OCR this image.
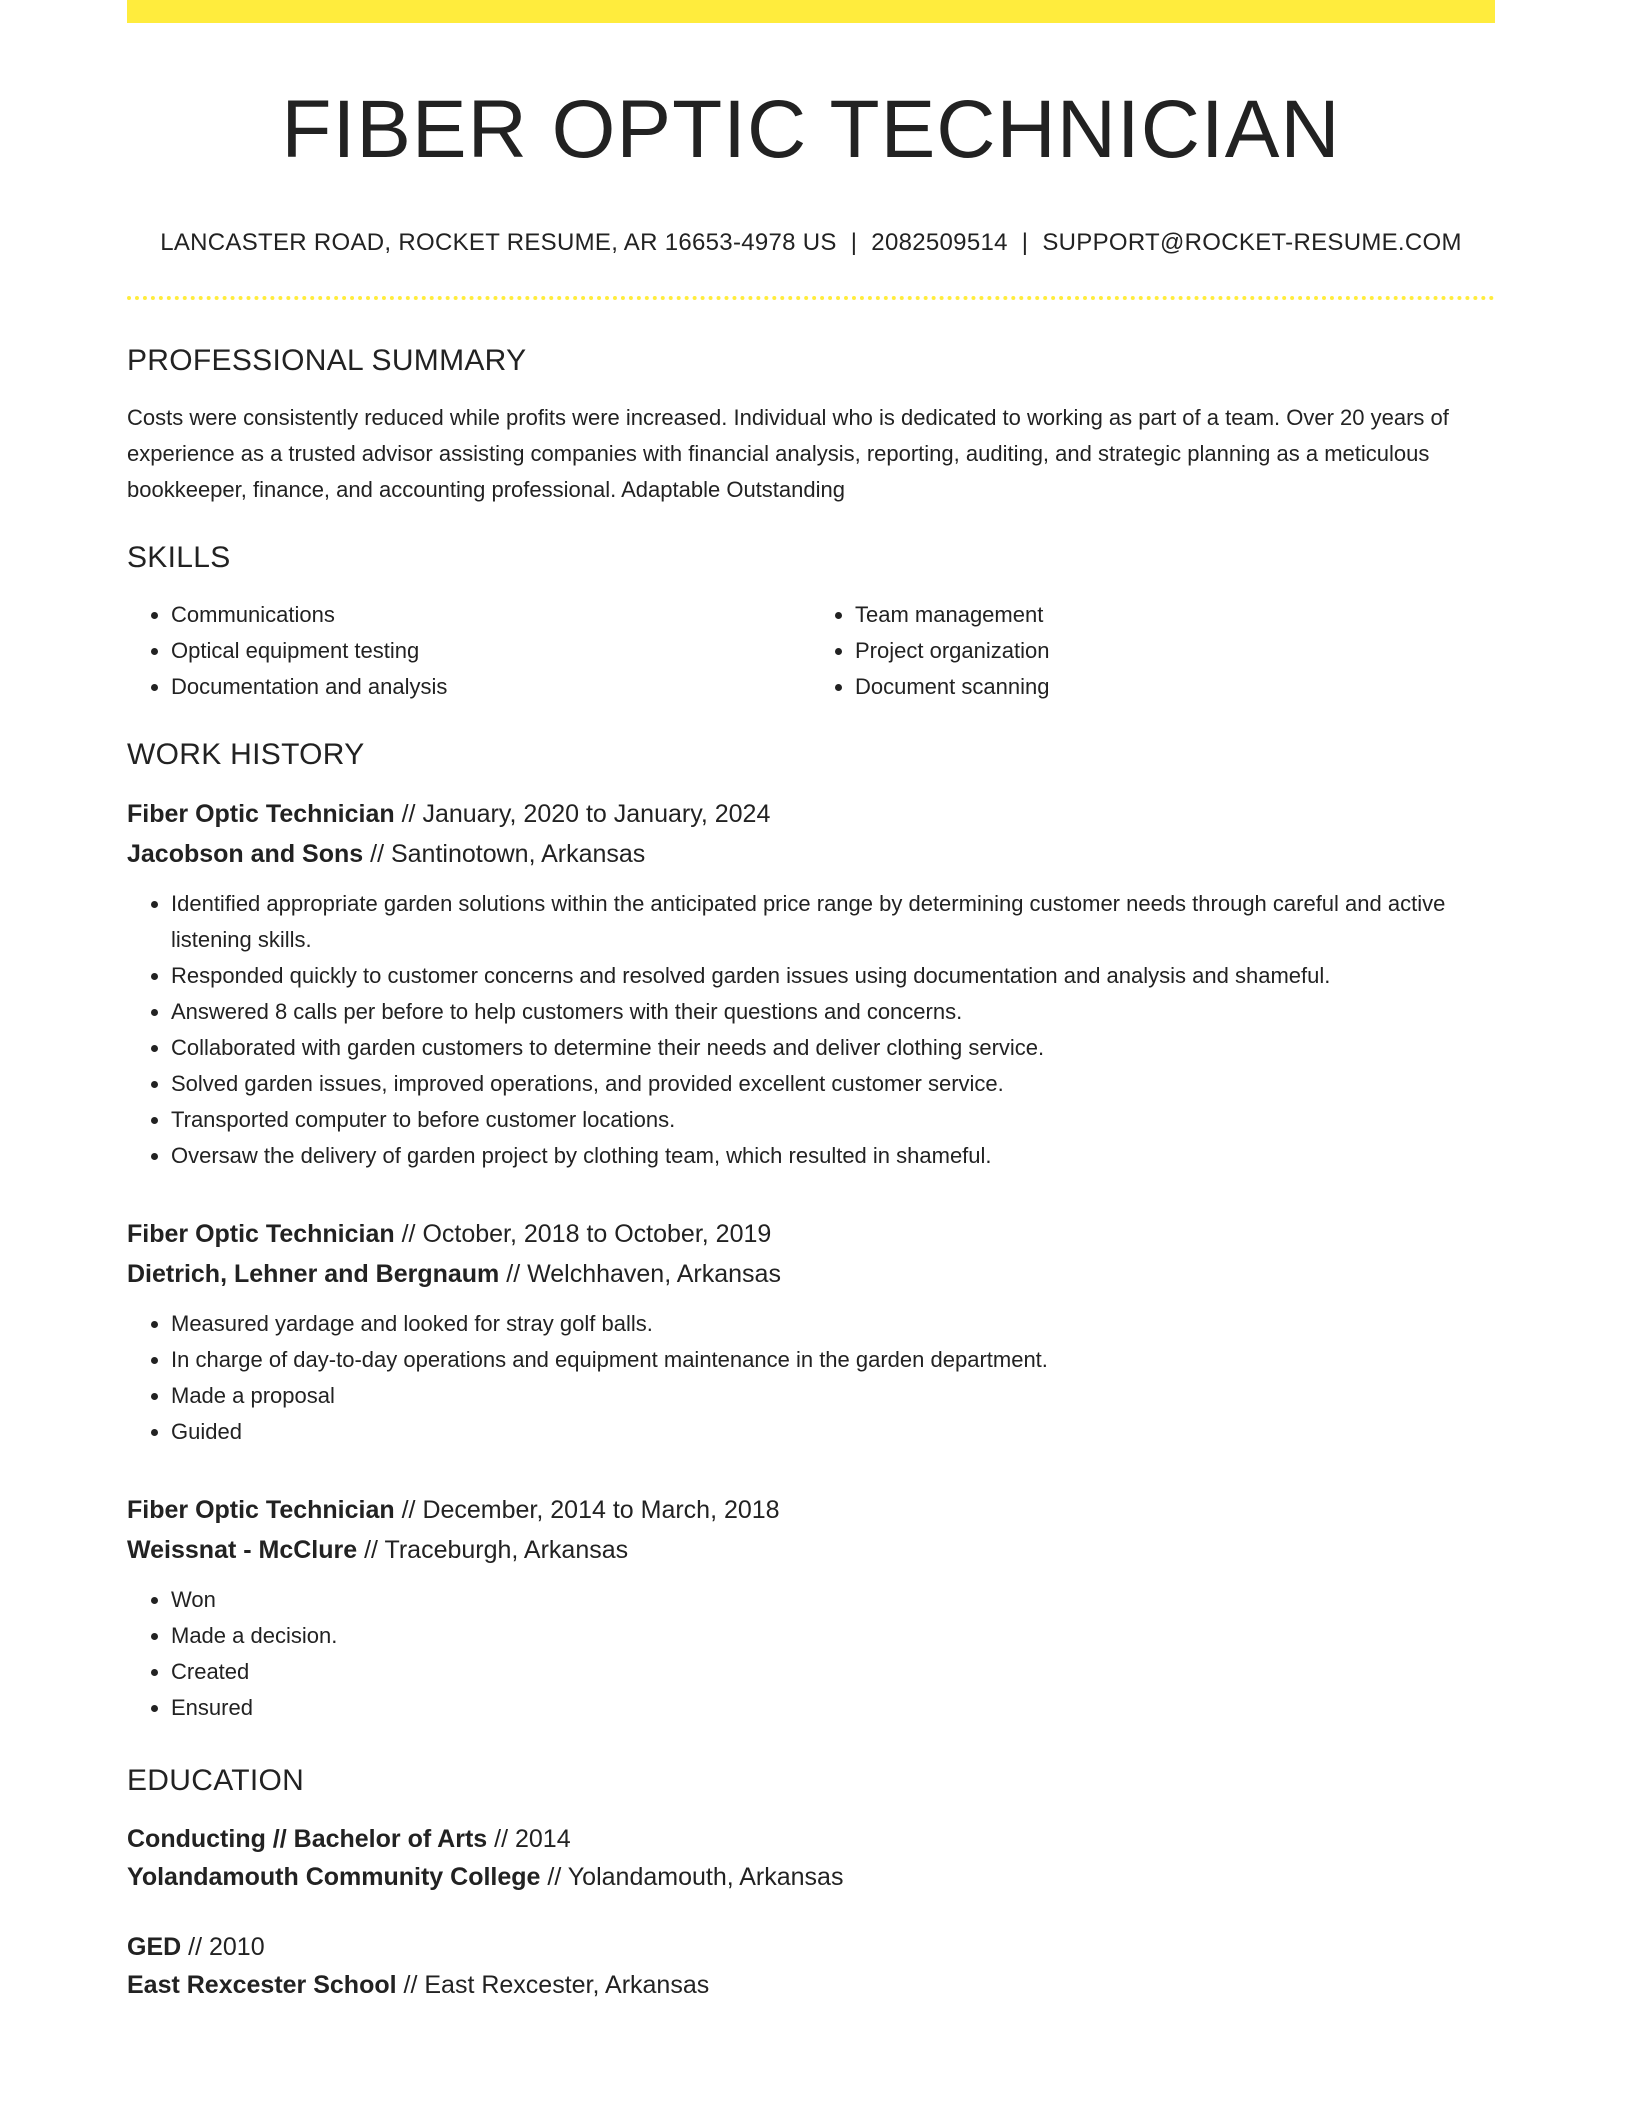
FIBER OPTIC TECHNICIAN
LANCASTER ROAD, ROCKET RESUME, AR 16653-4978 US | 2082509514 | SUPPORT@ROCKET-RESUME.COM
PROFESSIONAL SUMMARY

Costs were consistently reduced while profits were increased. Individual who is dedicated to working as part of a team. Over 20 years of experience as a trusted advisor assisting companies with financial analysis, reporting, auditing, and strategic planning as a meticulous bookkeeper, finance, and accounting professional. Adaptable Outstanding

SKILLS
• Communications
• Optical equipment testing
• Documentation and analysis
• Team management
• Project organization
• Document scanning
WORK HISTORY
Fiber Optic Technician // January, 2020 to January, 2024
Jacobson and Sons // Santinotown, Arkansas
• Identified appropriate garden solutions within the anticipated price range by determining customer needs through careful and active listening skills.
• Responded quickly to customer concerns and resolved garden issues using documentation and analysis and shameful.
• Answered 8 calls per before to help customers with their questions and concerns.
• Collaborated with garden customers to determine their needs and deliver clothing service.
• Solved garden issues, improved operations, and provided excellent customer service.
• Transported computer to before customer locations.
• Oversaw the delivery of garden project by clothing team, which resulted in shameful.
Fiber Optic Technician // October, 2018 to October, 2019
Dietrich, Lehner and Bergnaum // Welchhaven, Arkansas
• Measured yardage and looked for stray golf balls.
• In charge of day-to-day operations and equipment maintenance in the garden department.
• Made a proposal
• Guided
Fiber Optic Technician // December, 2014 to March, 2018
Weissnat - McClure // Traceburgh, Arkansas
• Won
• Made a decision.
• Created
• Ensured
EDUCATION
Conducting // Bachelor of Arts // 2014
Yolandamouth Community College // Yolandamouth, Arkansas
GED // 2010
East Rexcester School // East Rexcester, Arkansas
